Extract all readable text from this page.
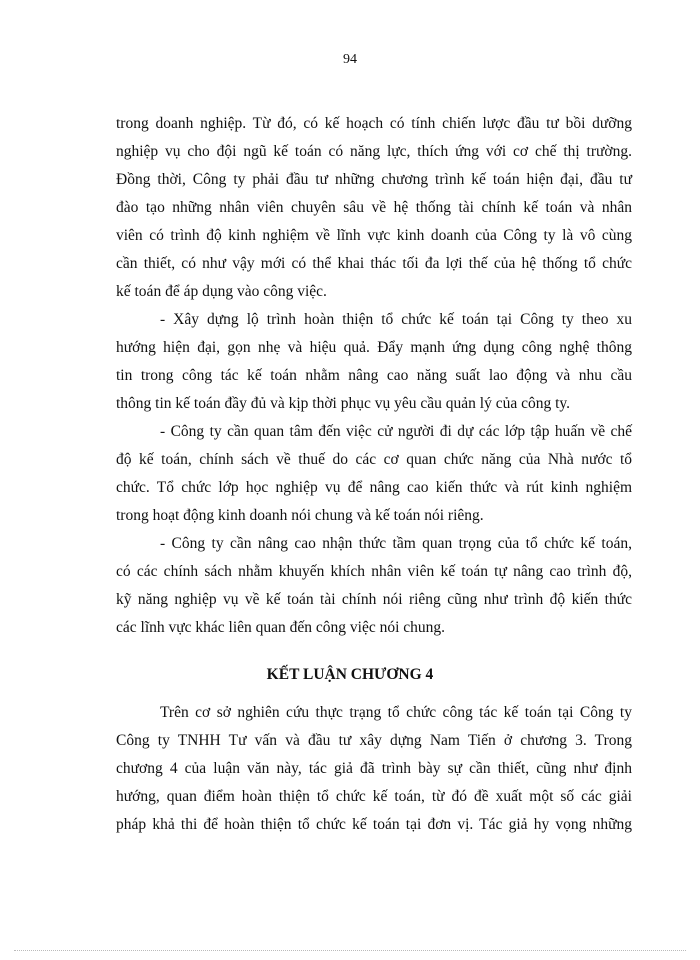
94
trong doanh nghiệp. Từ đó, có kế hoạch có tính chiến lược đầu tư bồi dưỡng
nghiệp vụ cho đội ngũ kế toán có năng lực, thích ứng với cơ chế thị trường.
Đồng thời, Công ty phải đầu tư những chương trình kế toán hiện đại, đầu tư
đào tạo những nhân viên chuyên sâu về hệ thống tài chính kế toán và nhân
viên có trình độ kinh nghiệm về lĩnh vực kinh doanh của Công ty là vô cùng
cần thiết, có như vậy mới có thể khai thác tối đa lợi thế của hệ thống tổ chức
kế toán để áp dụng vào công việc.
- Xây dựng lộ trình hoàn thiện tổ chức kế toán tại Công ty theo xu
hướng hiện đại, gọn nhẹ và hiệu quả. Đẩy mạnh ứng dụng công nghệ thông
tin trong công tác kế toán nhằm nâng cao năng suất lao động và nhu cầu
thông tin kế toán đầy đủ và kịp thời phục vụ yêu cầu quản lý của công ty.
- Công ty cần quan tâm đến việc cử người đi dự các lớp tập huấn về chế
độ kế toán, chính sách về thuế do các cơ quan chức năng của Nhà nước tổ
chức. Tổ chức lớp học nghiệp vụ để nâng cao kiến thức và rút kinh nghiệm
trong hoạt động kinh doanh nói chung và kế toán nói riêng.
- Công ty cần nâng cao nhận thức tầm quan trọng của tổ chức kế toán,
có các chính sách nhằm khuyến khích nhân viên kế toán tự nâng cao trình độ,
kỹ năng nghiệp vụ về kế toán tài chính nói riêng cũng như trình độ kiến thức
các lĩnh vực khác liên quan đến công việc nói chung.
KẾT LUẬN CHƯƠNG 4
Trên cơ sở nghiên cứu thực trạng tổ chức công tác kế toán tại Công ty
Công ty TNHH Tư vấn và đầu tư xây dựng Nam Tiến ở chương 3. Trong
chương 4 của luận văn này, tác giả đã trình bày sự cần thiết, cũng như định
hướng, quan điểm hoàn thiện tổ chức kế toán, từ đó đề xuất một số các giải
pháp khả thi để hoàn thiện tổ chức kế toán tại đơn vị. Tác giả hy vọng những
